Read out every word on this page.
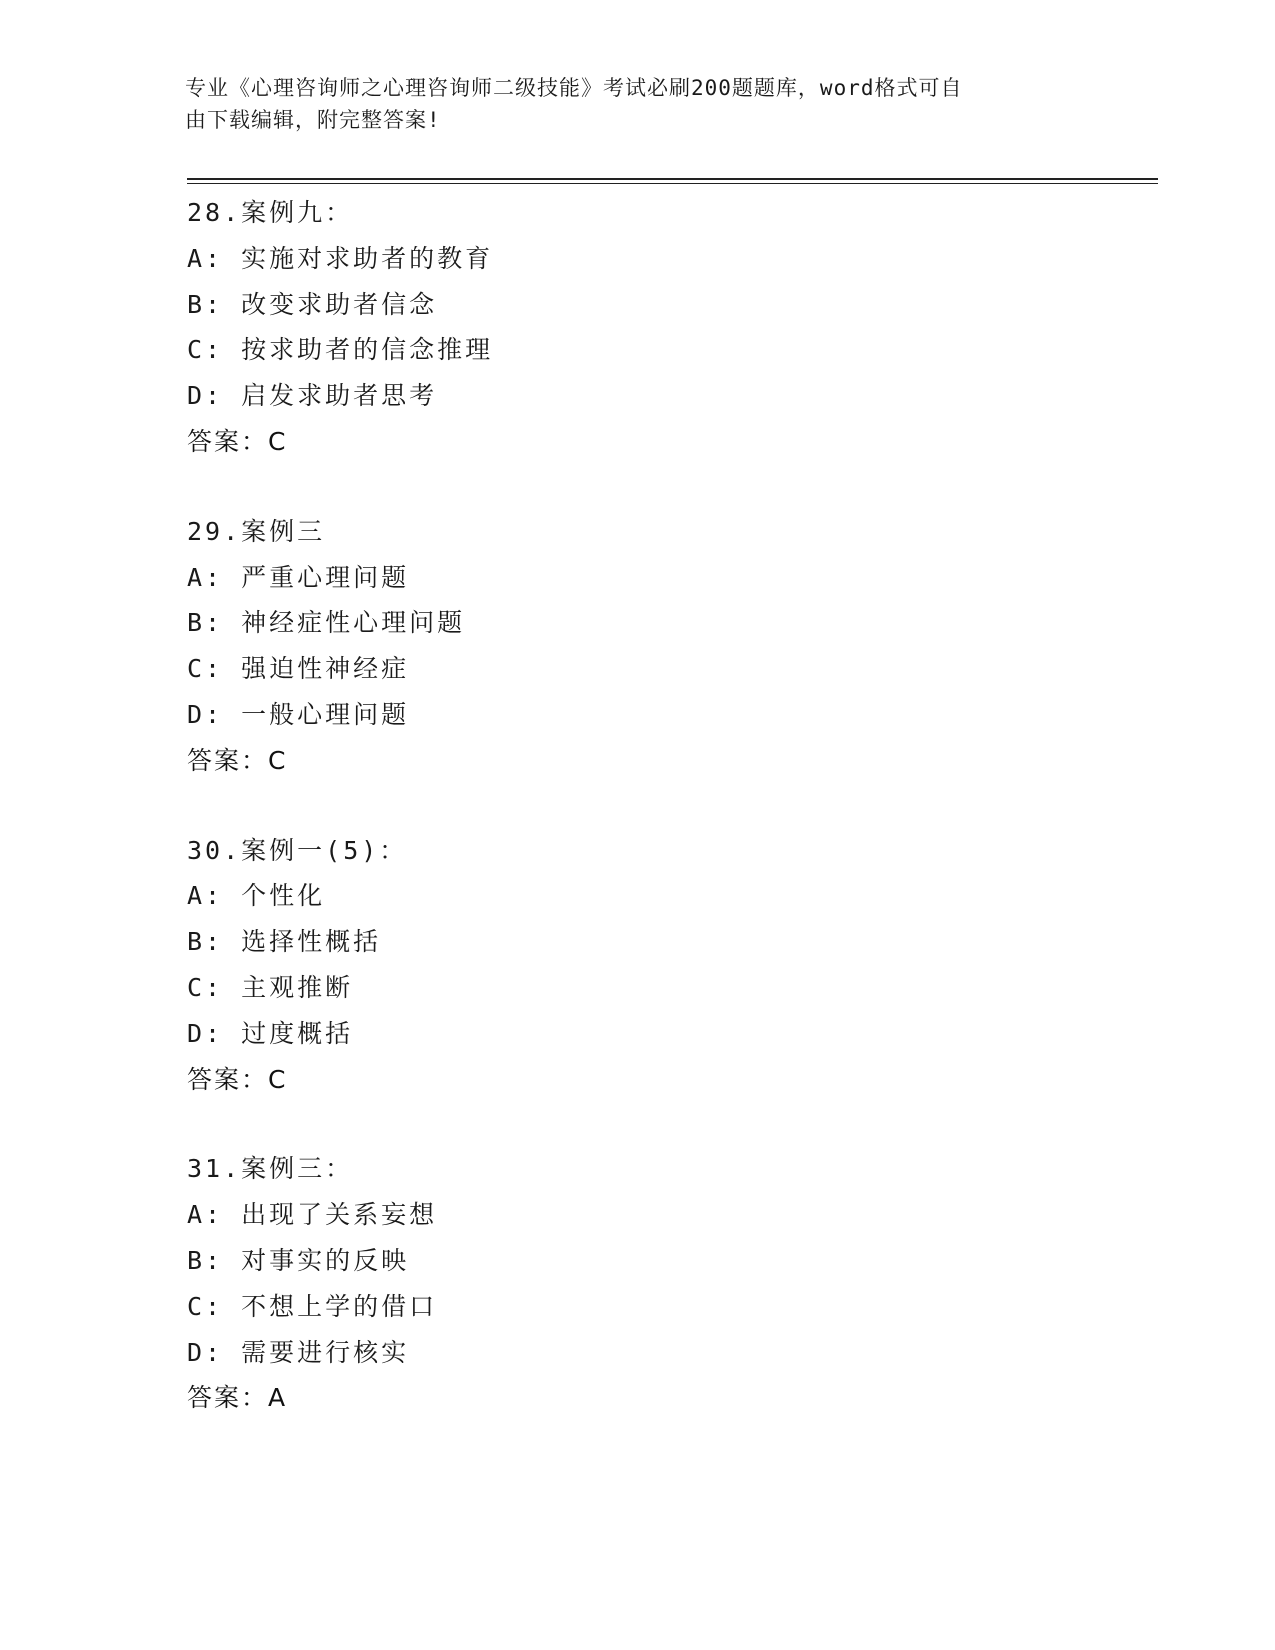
专业《心理咨询师之心理咨询师二级技能》考试必刷200题题库，word格式可自
由下载编辑，附完整答案!
28.案例九：
A: 实施对求助者的教育
B: 改变求助者信念
C: 按求助者的信念推理
D: 启发求助者思考
答案：C
29.案例三
A: 严重心理问题
B: 神经症性心理问题
C: 强迫性神经症
D: 一般心理问题
答案：C
30.案例一(5)：
A: 个性化
B: 选择性概括
C: 主观推断
D: 过度概括
答案：C
31.案例三：
A: 出现了关系妄想
B: 对事实的反映
C: 不想上学的借口
D: 需要进行核实
答案：A
